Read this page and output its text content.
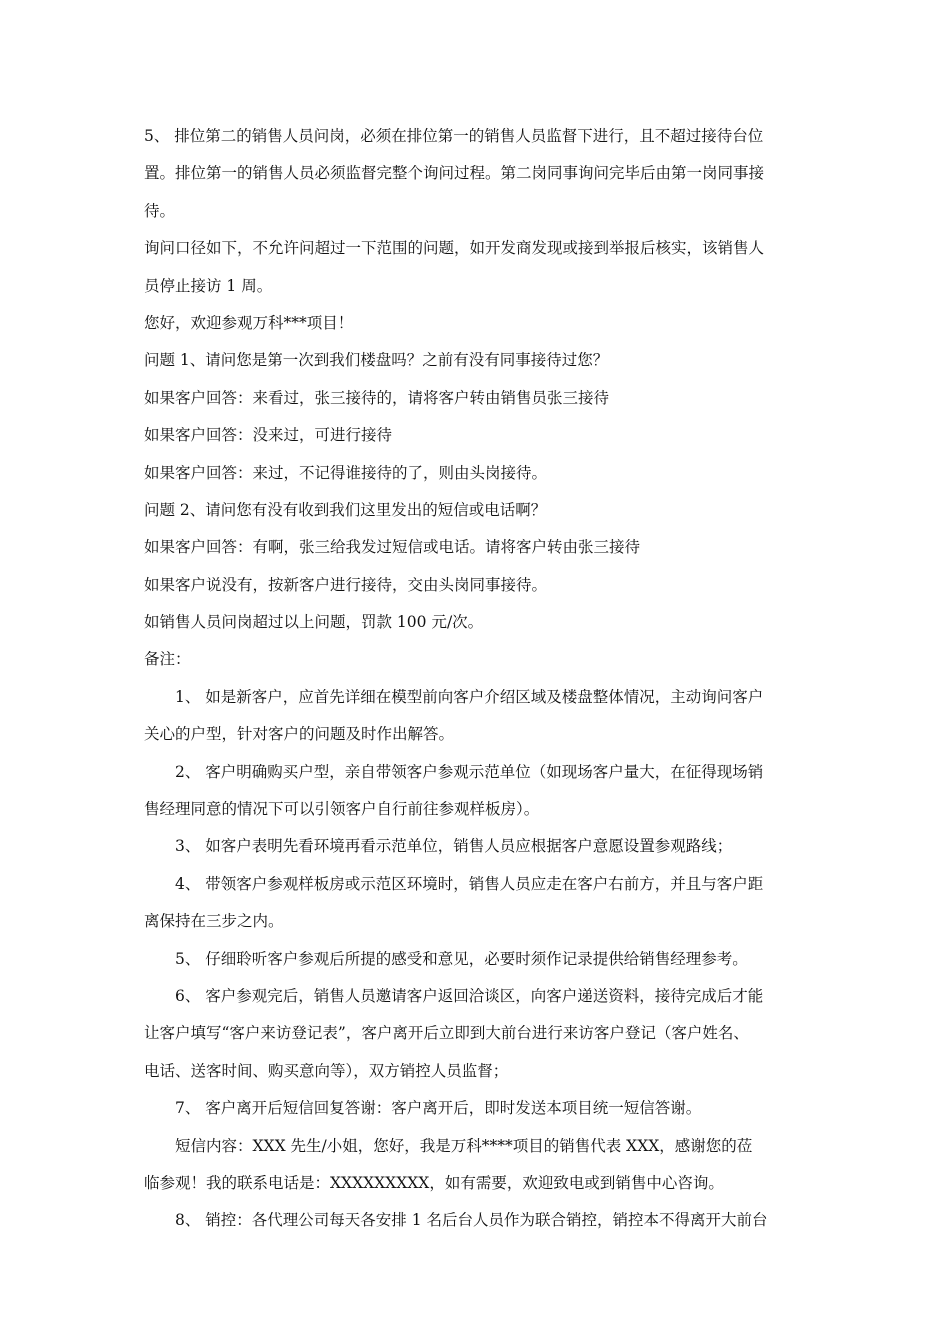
5、 排位第二的销售人员问岗，必须在排位第一的销售人员监督下进行，且不超过接待台位

置。排位第一的销售人员必须监督完整个询问过程。第二岗同事询问完毕后由第一岗同事接

待。

询问口径如下，不允许问超过一下范围的问题，如开发商发现或接到举报后核实，该销售人

员停止接访 1 周。

您好，欢迎参观万科***项目！

问题 1、请问您是第一次到我们楼盘吗？之前有没有同事接待过您？

如果客户回答：来看过，张三接待的，请将客户转由销售员张三接待

如果客户回答：没来过，可进行接待

如果客户回答：来过，不记得谁接待的了，则由头岗接待。

问题 2、请问您有没有收到我们这里发出的短信或电话啊？

如果客户回答：有啊，张三给我发过短信或电话。请将客户转由张三接待

如果客户说没有，按新客户进行接待，交由头岗同事接待。

如销售人员问岗超过以上问题，罚款 100 元/次。

备注：

1、 如是新客户，应首先详细在模型前向客户介绍区域及楼盘整体情况，主动询问客户

关心的户型，针对客户的问题及时作出解答。

2、 客户明确购买户型，亲自带领客户参观示范单位（如现场客户量大，在征得现场销

售经理同意的情况下可以引领客户自行前往参观样板房）。

3、 如客户表明先看环境再看示范单位，销售人员应根据客户意愿设置参观路线；

4、 带领客户参观样板房或示范区环境时，销售人员应走在客户右前方，并且与客户距

离保持在三步之内。

5、 仔细聆听客户参观后所提的感受和意见，必要时须作记录提供给销售经理参考。

6、 客户参观完后，销售人员邀请客户返回洽谈区，向客户递送资料，接待完成后才能

让客户填写“客户来访登记表”，客户离开后立即到大前台进行来访客户登记（客户姓名、

电话、送客时间、购买意向等），双方销控人员监督；

7、 客户离开后短信回复答谢：客户离开后，即时发送本项目统一短信答谢。

短信内容：XXX 先生/小姐，您好，我是万科****项目的销售代表 XXX，感谢您的莅

临参观！我的联系电话是：XXXXXXXXX，如有需要，欢迎致电或到销售中心咨询。

8、 销控：各代理公司每天各安排 1 名后台人员作为联合销控，销控本不得离开大前台
